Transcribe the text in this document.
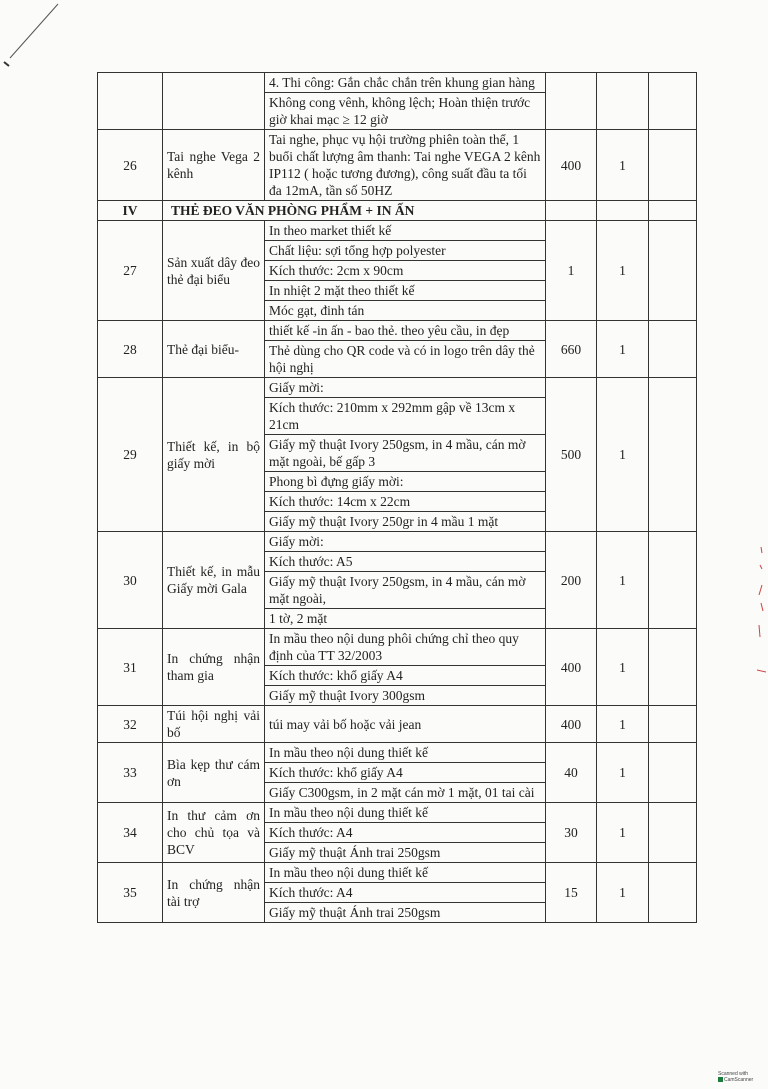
		4. Thi công: Gắn chắc chắn trên khung gian hàng			
		Không cong vênh, không lệch; Hoàn thiện trước giờ khai mạc ≥ 12 giờ			
26	Tai nghe Vega 2 kênh	Tai nghe, phục vụ hội trường phiên toàn thể, 1 buổi chất lượng âm thanh: Tai nghe VEGA 2 kênh IP112 ( hoặc tương đương), công suất đầu ta tối đa 12mA, tần số 50HZ	400	1	
IV	THẺ ĐEO VĂN PHÒNG PHẨM + IN ẤN				
27	Sản xuất dây đeo thẻ đại biểu	In theo market thiết kế	1	1	
		Chất liệu: sợi tổng hợp polyester			
		Kích thước: 2cm x 90cm			
		In nhiệt 2 mặt theo thiết kế			
		Móc gạt, đinh tán			
28	Thẻ đại biểu-	thiết kế -in ấn - bao thẻ. theo yêu cầu, in đẹp	660	1	
		Thẻ dùng cho QR code và có in logo trên dây thẻ hội nghị			
29	Thiết kế, in bộ giấy mời	Giấy mời:	500	1	
		Kích thước: 210mm x 292mm gập về 13cm x 21cm			
		Giấy mỹ thuật Ivory 250gsm, in 4 mầu, cán mờ mặt ngoài, bế gấp 3			
		Phong bì đựng giấy mời:			
		Kích thước: 14cm x 22cm			
		Giấy mỹ thuật Ivory 250gr in 4 mầu 1 mặt			
30	Thiết kế, in mẫu Giấy mời Gala	Giấy mời:	200	1	
		Kích thước: A5			
		Giấy mỹ thuật Ivory 250gsm, in 4 mầu, cán mờ mặt ngoài,			
		1 tờ, 2 mặt			
31	In chứng nhận tham gia	In mầu theo nội dung phôi chứng chỉ theo quy định của TT 32/2003	400	1	
		Kích thước: khổ giấy A4			
		Giấy mỹ thuật Ivory 300gsm			
32	Túi hội nghị vải bố	túi may vải bố hoặc vải jean	400	1	
33	Bìa kẹp thư cám ơn	In mầu theo nội dung thiết kế	40	1	
		Kích thước: khổ giấy A4			
		Giấy C300gsm, in 2 mặt cán mờ 1 mặt, 01 tai cài			
34	In thư cảm ơn cho chủ tọa và BCV	In mầu theo nội dung thiết kế	30	1	
		Kích thước: A4			
		Giấy mỹ thuật Ánh trai 250gsm			
35	In chứng nhận tài trợ	In mầu theo nội dung thiết kế	15	1	
		Kích thước: A4			
		Giấy mỹ thuật Ánh trai 250gsm			
Scanned with
CamScanner
